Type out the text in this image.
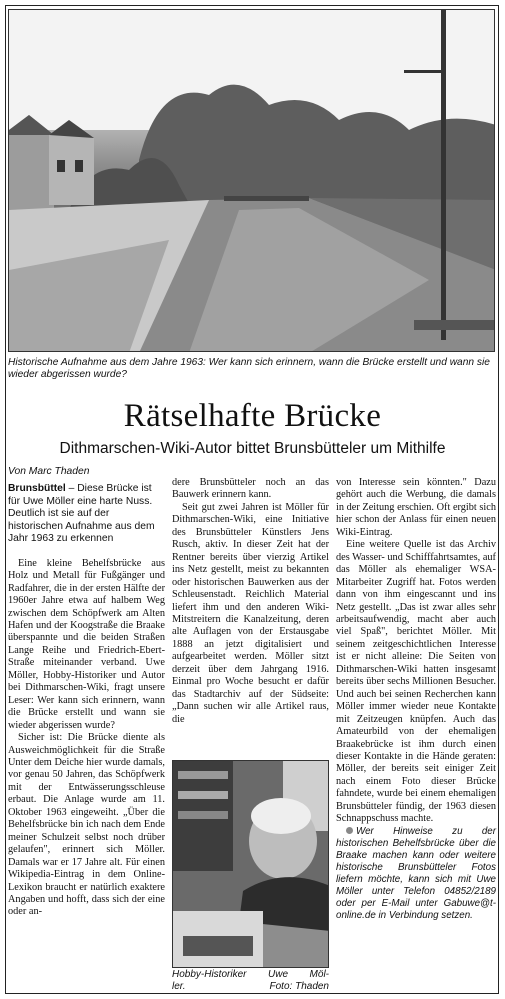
Historische Aufnahme aus dem Jahre 1963: Wer kann sich erinnern, wann die Brücke erstellt und wann sie wieder abgerissen wurde?
Rätselhafte Brücke
Dithmarschen-Wiki-Autor bittet Brunsbütteler um Mithilfe
Von Marc Thaden
Brunsbüttel – Diese Brücke ist für Uwe Möller eine harte Nuss. Deutlich ist sie auf der historischen Aufnahme aus dem Jahr 1963 zu erkennen

Eine kleine Behelfsbrücke aus Holz und Metall für Fußgänger und Radfahrer, die in der ersten Hälfte der 1960er Jahre etwa auf halbem Weg zwischen dem Schöpfwerk am Alten Hafen und der Koogstraße die Braake überspannte und die beiden Straßen Lange Reihe und Friedrich-Ebert-Straße miteinander verband. Uwe Möller, Hobby-Historiker und Autor bei Dithmarschen-Wiki, fragt unsere Leser: Wer kann sich erinnern, wann die Brücke erstellt und wann sie wieder abgerissen wurde?

Sicher ist: Die Brücke diente als Ausweichmöglichkeit für die Straße Unter dem Deiche hier wurde damals, vor genau 50 Jahren, das Schöpfwerk mit der Entwässerungsschleuse erbaut. Die Anlage wurde am 11. Oktober 1963 eingeweiht. „Über die Behelfsbrücke bin ich nach dem Ende meiner Schulzeit selbst noch drüber gelaufen", erinnert sich Möller. Damals war er 17 Jahre alt. Für einen Wikipedia-Eintrag in dem Online-Lexikon braucht er natürlich exaktere Angaben und hofft, dass sich der eine oder an-

dere Brunsbütteler noch an das Bauwerk erinnern kann.

Seit gut zwei Jahren ist Möller für Dithmarschen-Wiki, eine Initiative des Brunsbütteler Künstlers Jens Rusch, aktiv. In dieser Zeit hat der Rentner bereits über vierzig Artikel ins Netz gestellt, meist zu bekannten oder historischen Bauwerken aus der Schleusenstadt. Reichlich Material liefert ihm und den anderen Wiki-Mitstreitern die Kanalzeitung, deren alte Auflagen von der Erstausgabe 1888 an jetzt digitalisiert und aufgearbeitet werden. Möller sitzt derzeit über dem Jahrgang 1916. Einmal pro Woche besucht er dafür das Stadtarchiv auf der Südseite: „Dann suchen wir alle Artikel raus, die

Hobby-Historiker Uwe Möl-
ler.	Foto: Thaden

von Interesse sein könnten." Dazu gehört auch die Werbung, die damals in der Zeitung erschien. Oft ergibt sich hier schon der Anlass für einen neuen Wiki-Eintrag.

Eine weitere Quelle ist das Archiv des Wasser- und Schifffahrtsamtes, auf das Möller als ehemaliger WSA-Mitarbeiter Zugriff hat. Fotos werden dann von ihm eingescannt und ins Netz gestellt. „Das ist zwar alles sehr arbeitsaufwendig, macht aber auch viel Spaß", berichtet Möller. Mit seinem zeitgeschichtlichen Interesse ist er nicht alleine: Die Seiten von Dithmarschen-Wiki hatten insgesamt bereits über sechs Millionen Besucher. Und auch bei seinen Recherchen kann Möller immer wieder neue Kontakte mit Zeitzeugen knüpfen. Auch das Amateurbild von der ehemaligen Braakebrücke ist ihm durch einen dieser Kontakte in die Hände geraten: Möller, der bereits seit einiger Zeit nach einem Foto dieser Brücke fahndete, wurde bei einem ehemaligen Brunsbütteler fündig, der 1963 diesen Schnappschuss machte.

Wer Hinweise zu der historischen Behelfsbrücke über die Braake machen kann oder weitere historische Brunsbütteler Fotos liefern möchte, kann sich mit Uwe Möller unter Telefon 04852/2189 oder per E-Mail unter Gabuwe@t-online.de in Verbindung setzen.
